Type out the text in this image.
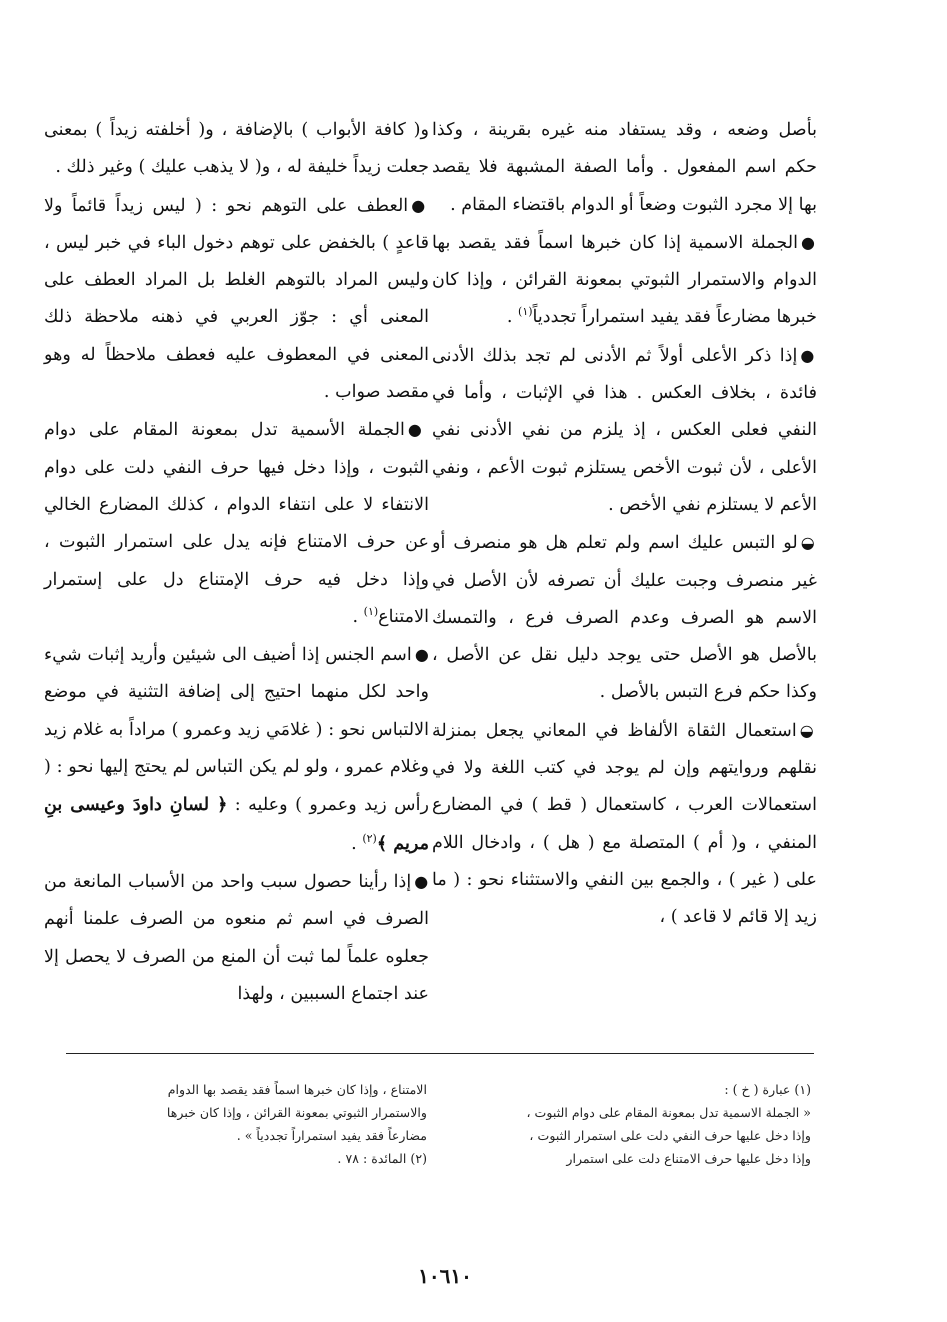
بأصل وضعه ، وقد يستفاد منه غيره بقرينة ، وكذا حكم اسم المفعول . وأما الصفة المشبهة فلا يقصد بها إلا مجرد الثبوت وضعاً أو الدوام باقتضاء المقام .

●الجملة الاسمية إذا كان خبرها اسماً فقد يقصد بها الدوام والاستمرار الثبوتي بمعونة القرائن ، وإذا كان خبرها مضارعاً فقد يفيد استمراراً تجددياً$^{(١)}$ .

●إذا ذكر الأعلى أولاً ثم الأدنى لم تجد بذلك الأدنى فائدة ، بخلاف العكس . هذا في الإثبات ، وأما في النفي فعلى العكس ، إذ يلزم من نفي الأدنى نفي الأعلى ، لأن ثبوت الأخص يستلزم ثبوت الأعم ، ونفي الأعم لا يستلزم نفي الأخص .

◒لو التبس عليك اسم ولم تعلم هل هو منصرف أو غير منصرف وجبت عليك أن تصرفه لأن الأصل في الاسم هو الصرف وعدم الصرف فرع ، والتمسك بالأصل هو الأصل حتى يوجد دليل نقل عن الأصل ، وكذا حكم فرع التبس بالأصل .

◒استعمال الثقاة الألفاظ في المعاني يجعل بمنزلة نقلهم وروايتهم وإن لم يوجد في كتب اللغة ولا في استعمالات العرب ، كاستعمال ( قط ) في المضارع المنفي ، و( أم ) المتصلة مع ( هل ) ، وادخال اللام على ( غير ) ، والجمع بين النفي والاستثناء نحو : ( ما زيد إلا قائم لا قاعد ) ،

و( كافة الأبواب ) بالإضافة ، و( أخلفته زيداً ) بمعنى جعلت زيداً خليفة له ، و( لا يذهب عليك ) وغير ذلك .

●العطف على التوهم نحو : ( ليس زيداً قائماً ولا قاعدٍ ) بالخفض على توهم دخول الباء في خبر ليس ، وليس المراد بالتوهم الغلط بل المراد العطف على المعنى أي : جوّز العربي في ذهنه ملاحظة ذلك المعنى في المعطوف عليه فعطف ملاحظاً له وهو مقصد صواب .

●الجملة الأسمية تدل بمعونة المقام على دوام الثبوت ، وإذا دخل فيها حرف النفي دلت على دوام الانتفاء لا على انتفاء الدوام ، كذلك المضارع الخالي عن حرف الامتناع فإنه يدل على استمرار الثبوت ، وإذا دخل فيه حرف الإمتناع دل على إستمرار الامتناع$^{(١)}$ .

●اسم الجنس إذا أضيف الى شيئين وأريد إثبات شيء واحد لكل منهما احتيج إلى إضافة التثنية في موضع الالتباس نحو : ( غلامَي زيد وعمرو ) مراداً به غلام زيد وغلام عمرو ، ولو لم يكن التباس لم يحتج إليها نحو : ( رأس زيد وعمرو ) وعليه : ﴿ لسانِ داودَ وعيسى بنِ مريم ﴾$^{(٢)}$ .

●إذا رأينا حصول سبب واحد من الأسباب المانعة من الصرف في اسم ثم منعوه من الصرف علمنا أنهم جعلوه علماً لما ثبت أن المنع من الصرف لا يحصل إلا عند اجتماع السببين ، ولهذا

(١) عبارة ( خ ) :

« الجملة الاسمية تدل بمعونة المقام على دوام الثبوت ،

وإذا دخل عليها حرف النفي دلت على استمرار الثبوت ،

وإذا دخل عليها حرف الامتناع دلت على استمرار

الامتناع ، وإذا كان خبرها اسماً فقد يقصد بها الدوام

والاستمرار الثبوتي بمعونة القرائن ، وإذا كان خبرها

مضارعاً فقد يفيد استمراراً تجددياً » .

(٢) المائدة : ٧٨ .

١٠٦١٠
